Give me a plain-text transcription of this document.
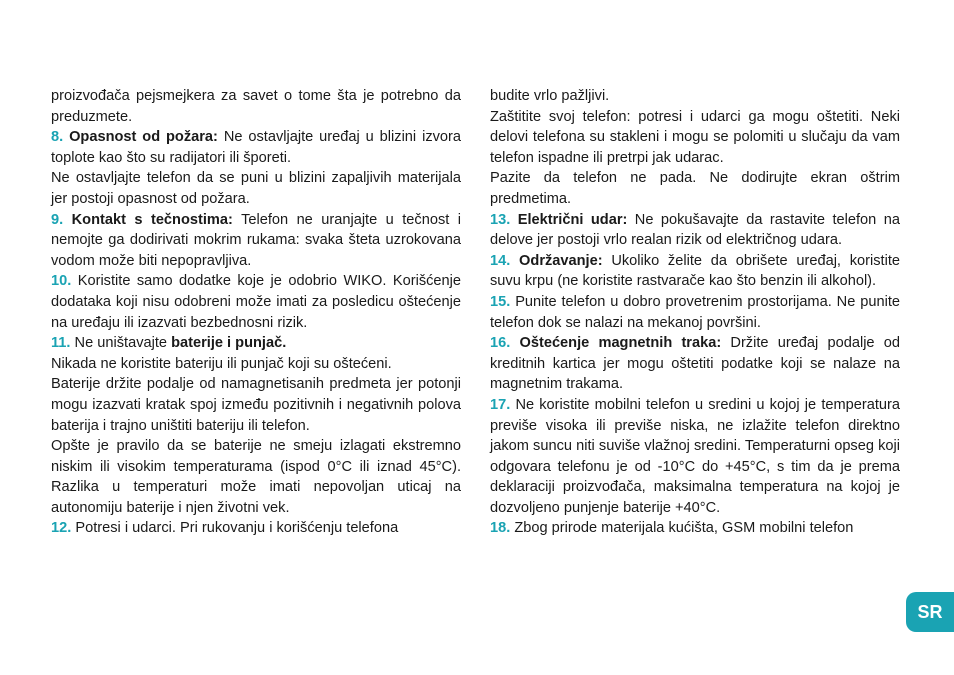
proizvođača pejsmejkera za savet o tome šta je potrebno da preduzmete.

8. Opasnost od požara: Ne ostavljajte uređaj u blizini izvora toplote kao što su radijatori ili šporeti.

Ne ostavljajte telefon da se puni u blizini zapaljivih materijala jer postoji opasnost od požara.

9. Kontakt s tečnostima: Telefon ne uranjajte u tečnost i nemojte ga dodirivati mokrim rukama: svaka šteta uzrokovana vodom može biti nepopravljiva.

10. Koristite samo dodatke koje je odobrio WIKO. Korišćenje dodataka koji nisu odobreni može imati za posledicu oštećenje na uređaju ili izazvati bezbednosni rizik.

11. Ne uništavajte baterije i punjač.

Nikada ne koristite bateriju ili punjač koji su oštećeni.

Baterije držite podalje od namagnetisanih predmeta jer potonji mogu izazvati kratak spoj između pozitivnih i negativnih polova baterija i trajno uništiti bateriju ili telefon.

Opšte je pravilo da se baterije ne smeju izlagati ekstremno niskim ili visokim temperaturama (ispod 0°C ili iznad 45°C). Razlika u temperaturi može imati nepovoljan uticaj na autonomiju baterije i njen životni vek.

12. Potresi i udarci. Pri rukovanju i korišćenju telefona

budite vrlo pažljivi.

Zaštitite svoj telefon: potresi i udarci ga mogu oštetiti. Neki delovi telefona su stakleni i mogu se polomiti u slučaju da vam telefon ispadne ili pretrpi jak udarac.

Pazite da telefon ne pada. Ne dodirujte ekran oštrim predmetima.

13. Električni udar: Ne pokušavajte da rastavite telefon na delove jer postoji vrlo realan rizik od električnog udara.

14. Održavanje: Ukoliko želite da obrišete uređaj, koristite suvu krpu (ne koristite rastvarače kao što benzin ili alkohol).

15. Punite telefon u dobro provetrenim prostorijama. Ne punite telefon dok se nalazi na mekanoj površini.

16. Oštećenje magnetnih traka: Držite uređaj podalje od kreditnih kartica jer mogu oštetiti podatke koji se nalaze na magnetnim trakama.

17. Ne koristite mobilni telefon u sredini u kojoj je temperatura previše visoka ili previše niska, ne izlažite telefon direktno jakom suncu niti suviše vlažnoj sredini. Temperaturni opseg koji odgovara telefonu je od -10°C do +45°C, s tim da je prema deklaraciji proizvođača, maksimalna temperatura na kojoj je dozvoljeno punjenje baterije +40°C.

18. Zbog prirode materijala kućišta, GSM mobilni telefon

SR
